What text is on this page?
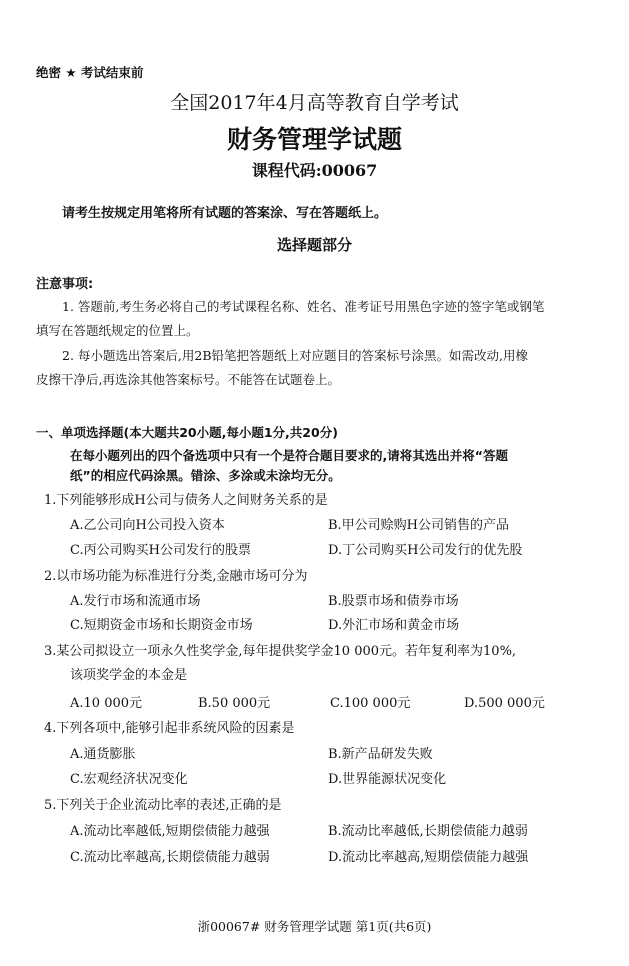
绝密 ★ 考试结束前
全国2017年4月高等教育自学考试
财务管理学试题
课程代码:00067
请考生按规定用笔将所有试题的答案涂、写在答题纸上。
选择题部分
注意事项:
1. 答题前,考生务必将自己的考试课程名称、姓名、准考证号用黑色字迹的签字笔或钢笔
填写在答题纸规定的位置上。
2. 每小题选出答案后,用2B铅笔把答题纸上对应题目的答案标号涂黑。如需改动,用橡
皮擦干净后,再选涂其他答案标号。不能答在试题卷上。
一、单项选择题(本大题共20小题,每小题1分,共20分)
在每小题列出的四个备选项中只有一个是符合题目要求的,请将其选出并将“答题
纸”的相应代码涂黑。错涂、多涂或未涂均无分。
1.下列能够形成H公司与债务人之间财务关系的是
A.乙公司向H公司投入资本	B.甲公司赊购H公司销售的产品
C.丙公司购买H公司发行的股票	D.丁公司购买H公司发行的优先股
2.以市场功能为标准进行分类,金融市场可分为
A.发行市场和流通市场	B.股票市场和债券市场
C.短期资金市场和长期资金市场	D.外汇市场和黄金市场
3.某公司拟设立一项永久性奖学金,每年提供奖学金10 000元。若年复利率为10%,
该项奖学金的本金是
A.10 000元	B.50 000元	C.100 000元	D.500 000元
4.下列各项中,能够引起非系统风险的因素是
A.通货膨胀	B.新产品研发失败
C.宏观经济状况变化	D.世界能源状况变化
5.下列关于企业流动比率的表述,正确的是
A.流动比率越低,短期偿债能力越强	B.流动比率越低,长期偿债能力越弱
C.流动比率越高,长期偿债能力越弱	D.流动比率越高,短期偿债能力越强
浙00067# 财务管理学试题 第1页(共6页)
